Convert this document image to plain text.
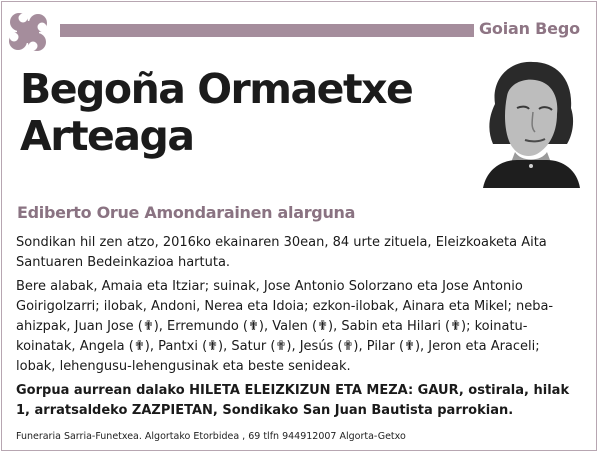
Goian Bego
Begoña Ormaetxe
Arteaga
Ediberto Orue Amondarainen alarguna

Sondikan hil zen atzo, 2016ko ekainaren 30ean, 84 urte zituela, Eleizkoaketa Aita Santuaren Bedeinkazioa hartuta.

Bere alabak, Amaia eta Itziar; suinak, Jose Antonio Solorzano eta Jose Antonio Goirigolzarri; ilobak, Andoni, Nerea eta Idoia; ezkon-ilobak, Ainara eta Mikel; neba-ahizpak, Juan Jose (✟), Erremundo (✟), Valen (✟), Sabin eta Hilari (✟); koinatu-koinatak, Angela (✟), Pantxi (✟), Satur (✟), Jesús (✟), Pilar (✟), Jeron eta Araceli; lobak, lehengusu-lehengusinak eta beste senideak.

Gorpua aurrean dalako HILETA ELEIZKIZUN ETA MEZA: GAUR, ostirala, hilak 1, arratsaldeko ZAZPIETAN, Sondikako San Juan Bautista parrokian.

Funeraria Sarria-Funetxea. Algortako Etorbidea , 69 tlfn 944912007 Algorta-Getxo
